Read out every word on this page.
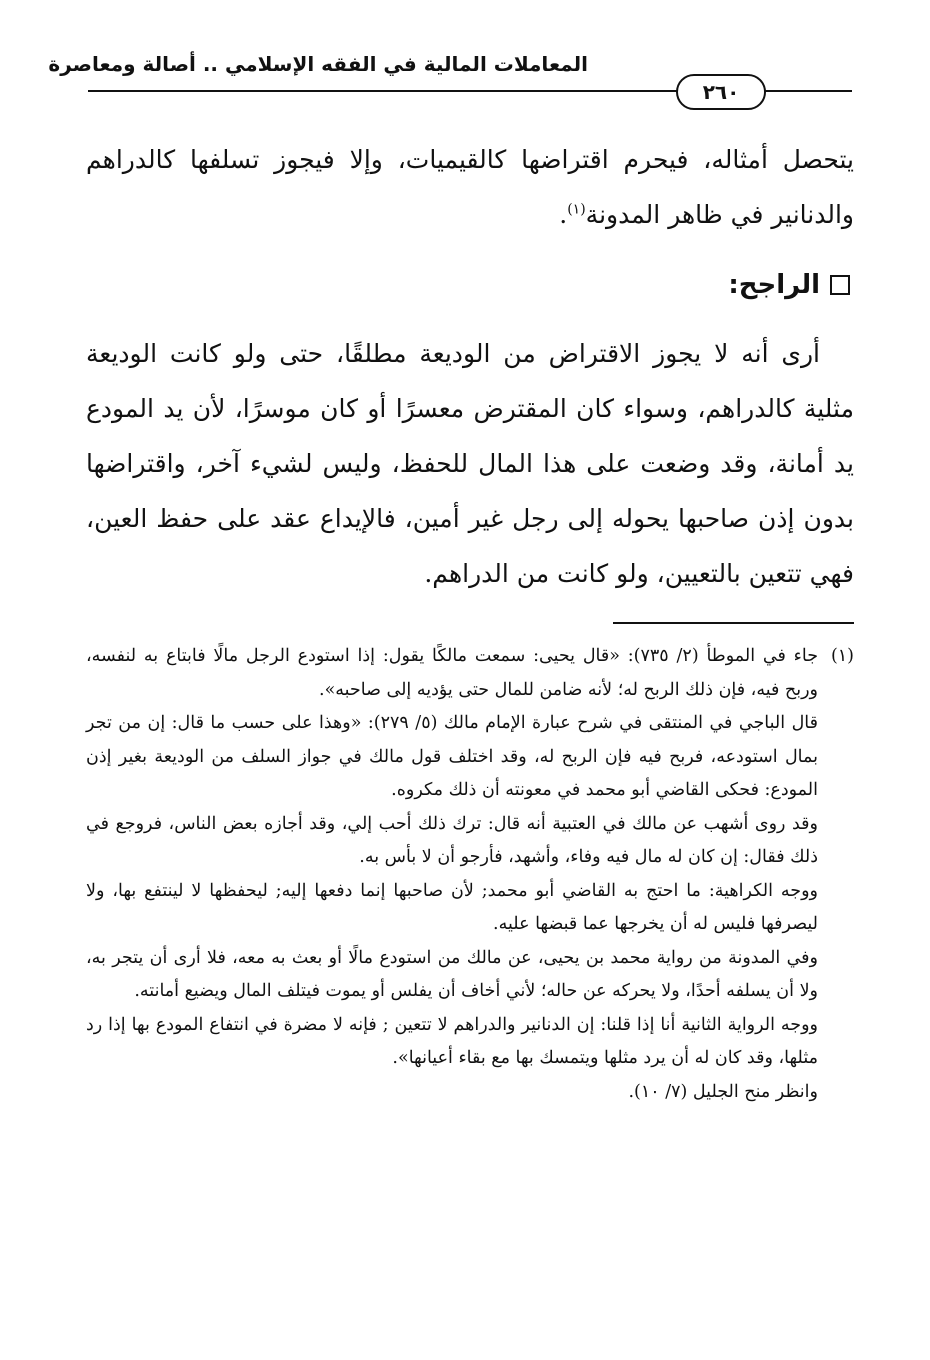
المعاملات المالية في الفقه الإسلامي .. أصالة ومعاصرة
٢٦٠
يتحصل أمثاله، فيحرم اقتراضها كالقيميات، وإلا فيجوز تسلفها كالدراهم والدنانير في ظاهر المدونة$^{(١)}$.
الراجح:
أرى أنه لا يجوز الاقتراض من الوديعة مطلقًا، حتى ولو كانت الوديعة مثلية كالدراهم، وسواء كان المقترض معسرًا أو كان موسرًا، لأن يد المودع يد أمانة، وقد وضعت على هذا المال للحفظ، وليس لشيء آخر، واقتراضها بدون إذن صاحبها يحوله إلى رجل غير أمين، فالإيداع عقد على حفظ العين، فهي تتعين بالتعيين، ولو كانت من الدراهم.
(١)
جاء في الموطأ (٢/ ٧٣٥): «قال يحيى: سمعت مالكًا يقول: إذا استودع الرجل مالًا فابتاع به لنفسه، وربح فيه، فإن ذلك الربح له؛ لأنه ضامن للمال حتى يؤديه إلى صاحبه».
قال الباجي في المنتقى في شرح عبارة الإمام مالك (٥/ ٢٧٩): «وهذا على حسب ما قال: إن من تجر بمال استودعه، فربح فيه فإن الربح له، وقد اختلف قول مالك في جواز السلف من الوديعة بغير إذن المودع: فحكى القاضي أبو محمد في معونته أن ذلك مكروه.
وقد روى أشهب عن مالك في العتبية أنه قال: ترك ذلك أحب إلي، وقد أجازه بعض الناس، فروجع في ذلك فقال: إن كان له مال فيه وفاء، وأشهد، فأرجو أن لا بأس به.
ووجه الكراهية: ما احتج به القاضي أبو محمد; لأن صاحبها إنما دفعها إليه; ليحفظها لا لينتفع بها، ولا ليصرفها فليس له أن يخرجها عما قبضها عليه.
وفي المدونة من رواية محمد بن يحيى، عن مالك من استودع مالًا أو بعث به معه، فلا أرى أن يتجر به، ولا أن يسلفه أحدًا، ولا يحركه عن حاله؛ لأني أخاف أن يفلس أو يموت فيتلف المال ويضيع أمانته.
ووجه الرواية الثانية أنا إذا قلنا: إن الدنانير والدراهم لا تتعين ; فإنه لا مضرة في انتفاع المودع بها إذا رد مثلها، وقد كان له أن يرد مثلها ويتمسك بها مع بقاء أعيانها».
وانظر منح الجليل (٧/ ١٠).
